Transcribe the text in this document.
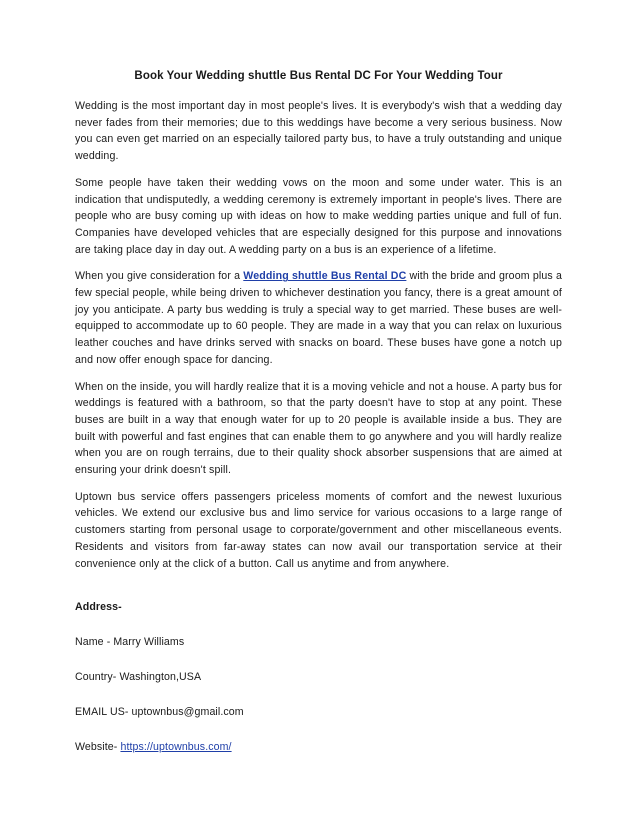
Book Your Wedding shuttle Bus Rental DC For Your Wedding Tour

Wedding is the most important day in most people's lives. It is everybody's wish that a wedding day never fades from their memories; due to this weddings have become a very serious business. Now you can even get married on an especially tailored party bus, to have a truly outstanding and unique wedding.

Some people have taken their wedding vows on the moon and some under water. This is an indication that undisputedly, a wedding ceremony is extremely important in people's lives. There are people who are busy coming up with ideas on how to make wedding parties unique and full of fun. Companies have developed vehicles that are especially designed for this purpose and innovations are taking place day in day out. A wedding party on a bus is an experience of a lifetime.

When you give consideration for a Wedding shuttle Bus Rental DC with the bride and groom plus a few special people, while being driven to whichever destination you fancy, there is a great amount of joy you anticipate. A party bus wedding is truly a special way to get married. These buses are well-equipped to accommodate up to 60 people. They are made in a way that you can relax on luxurious leather couches and have drinks served with snacks on board. These buses have gone a notch up and now offer enough space for dancing.

When on the inside, you will hardly realize that it is a moving vehicle and not a house. A party bus for weddings is featured with a bathroom, so that the party doesn't have to stop at any point. These buses are built in a way that enough water for up to 20 people is available inside a bus. They are built with powerful and fast engines that can enable them to go anywhere and you will hardly realize when you are on rough terrains, due to their quality shock absorber suspensions that are aimed at ensuring your drink doesn't spill.

Uptown bus service offers passengers priceless moments of comfort and the newest luxurious vehicles. We extend our exclusive bus and limo service for various occasions to a large range of customers starting from personal usage to corporate/government and other miscellaneous events. Residents and visitors from far-away states can now avail our transportation service at their convenience only at the click of a button. Call us anytime and from anywhere.

Address-
Name - Marry Williams
Country- Washington,USA
EMAIL US- uptownbus@gmail.com
Website- https://uptownbus.com/
